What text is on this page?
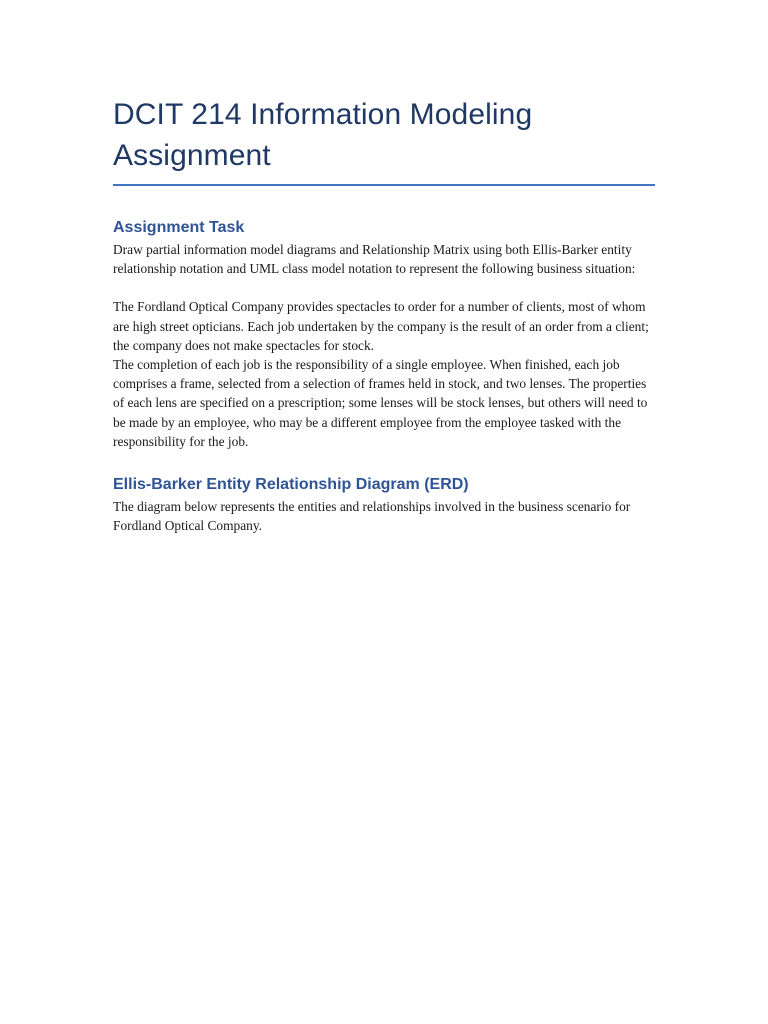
DCIT 214 Information Modeling Assignment
Assignment Task

Draw partial information model diagrams and Relationship Matrix using both Ellis-Barker entity relationship notation and UML class model notation to represent the following business situation:

The Fordland Optical Company provides spectacles to order for a number of clients, most of whom are high street opticians. Each job undertaken by the company is the result of an order from a client; the company does not make spectacles for stock.

The completion of each job is the responsibility of a single employee. When finished, each job comprises a frame, selected from a selection of frames held in stock, and two lenses. The properties of each lens are specified on a prescription; some lenses will be stock lenses, but others will need to be made by an employee, who may be a different employee from the employee tasked with the responsibility for the job.

Ellis-Barker Entity Relationship Diagram (ERD)

The diagram below represents the entities and relationships involved in the business scenario for Fordland Optical Company.
